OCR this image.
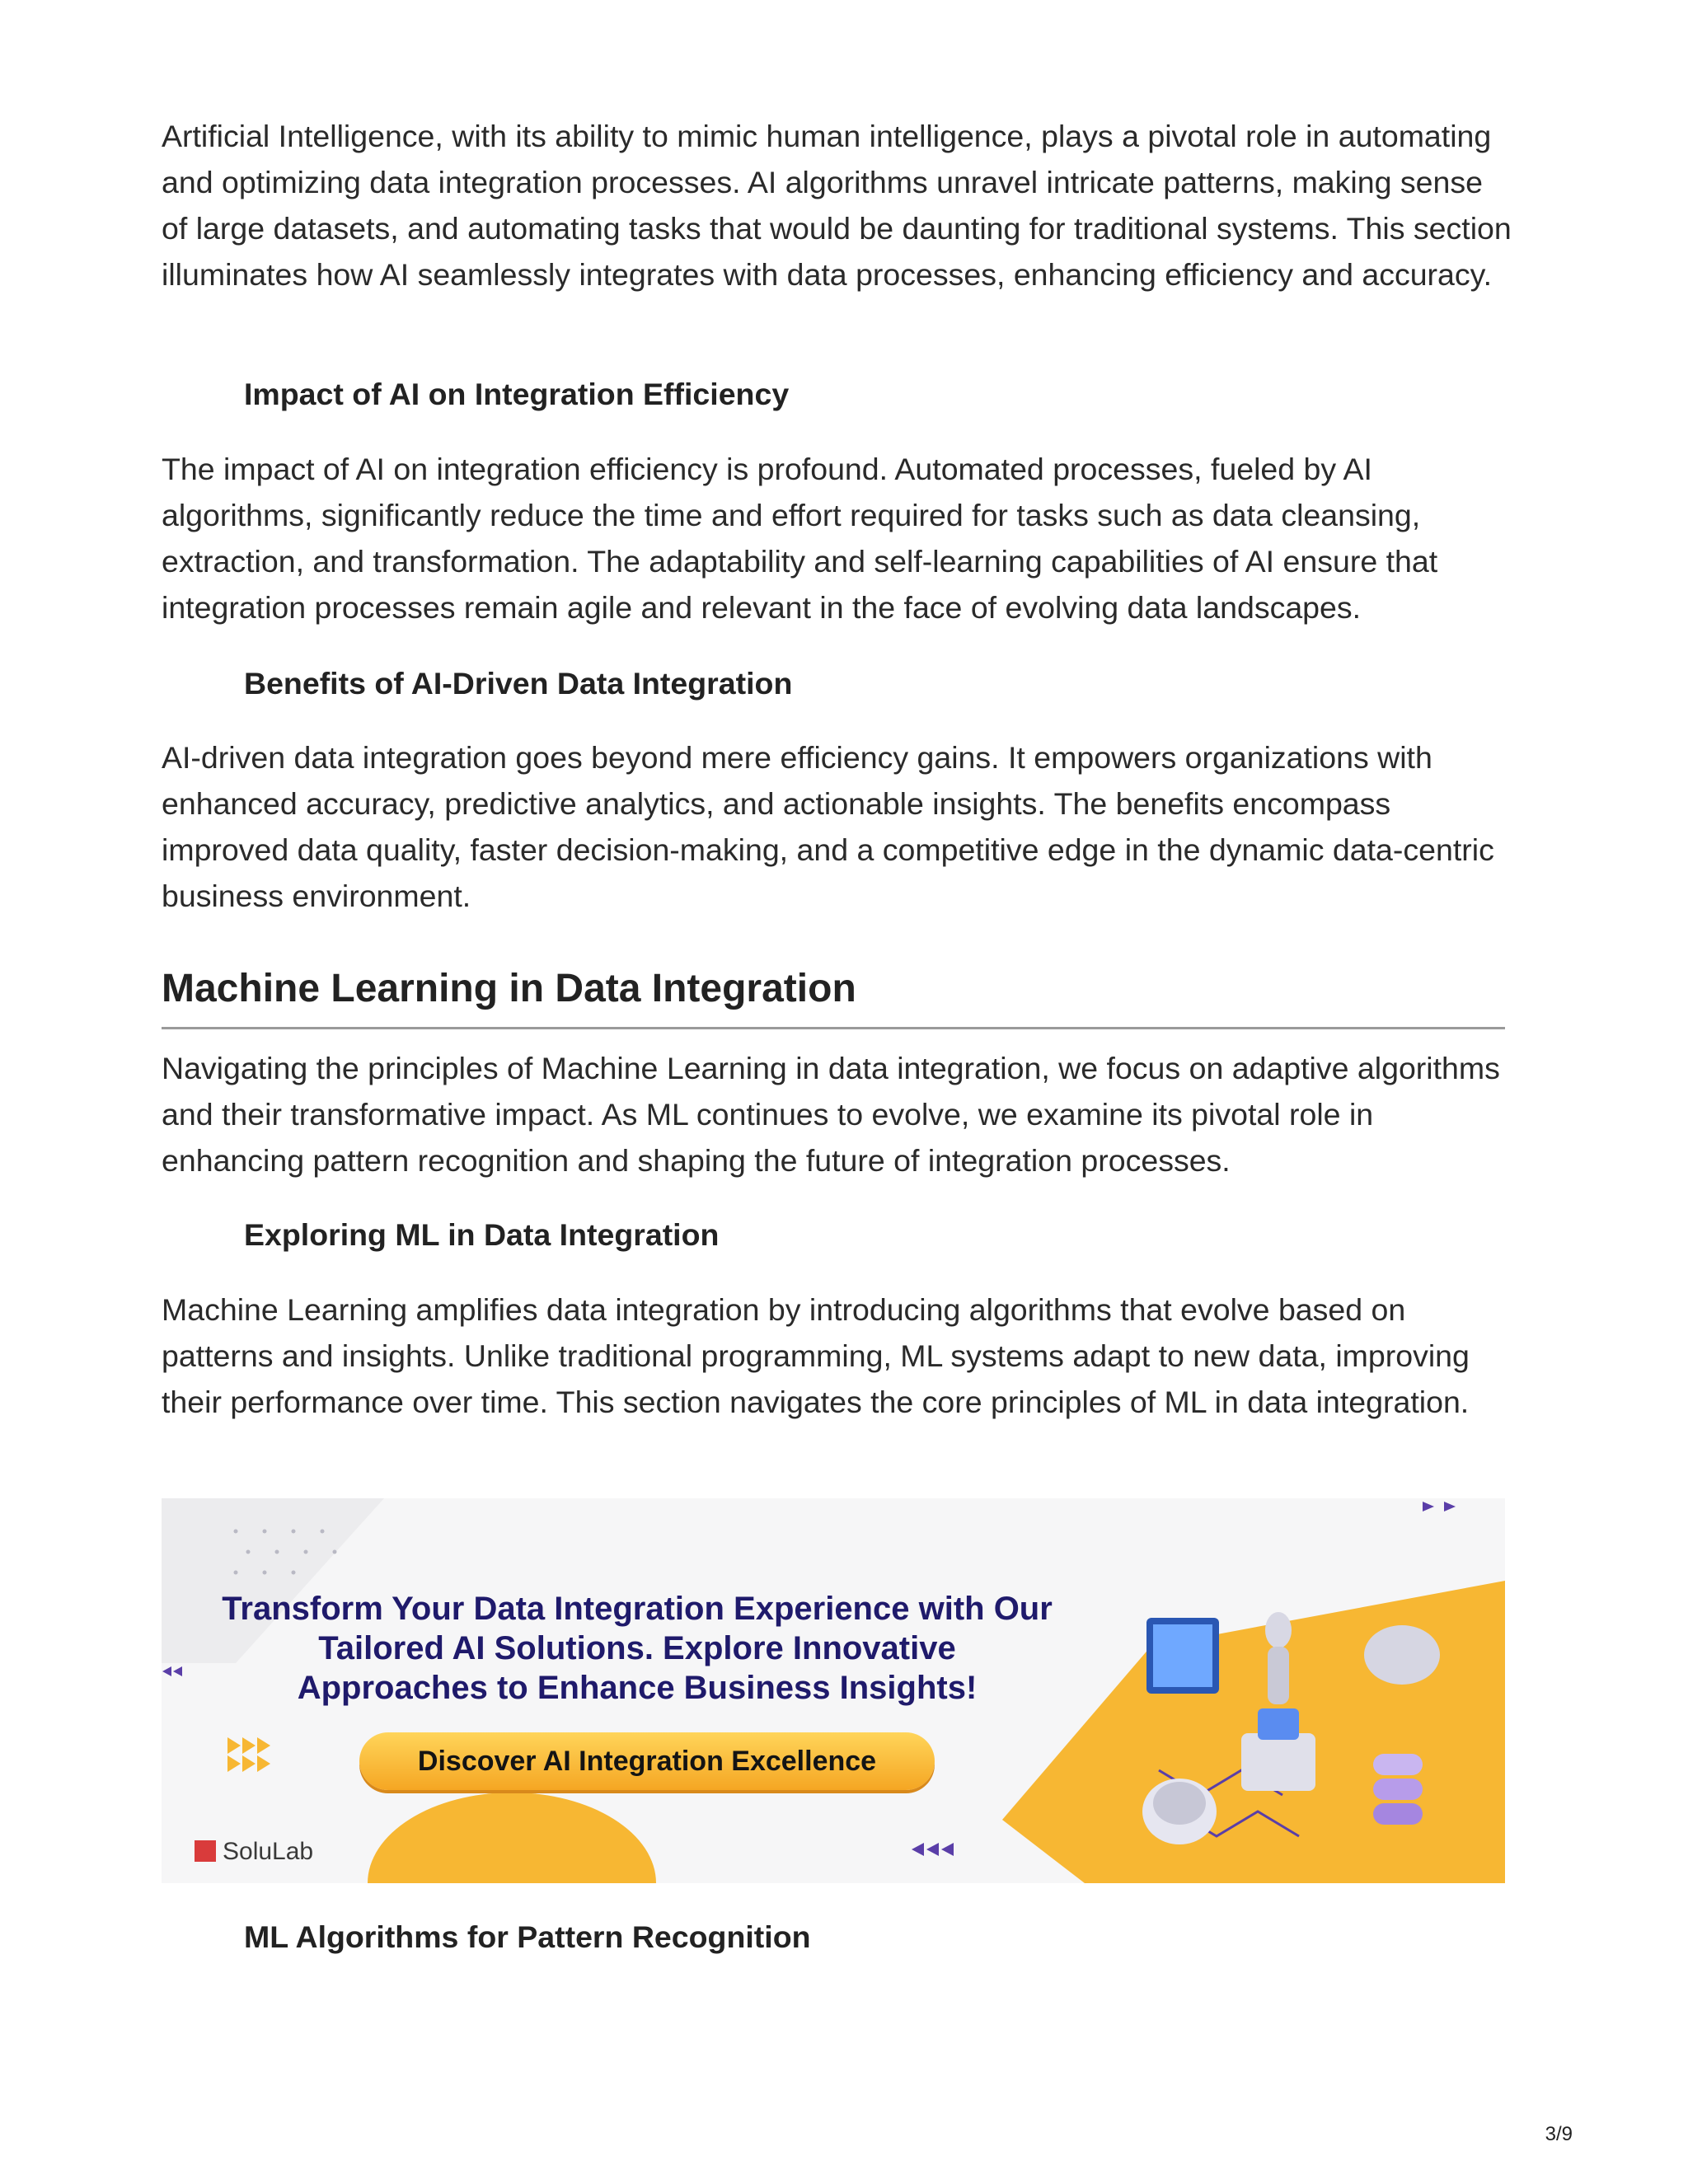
Artificial Intelligence, with its ability to mimic human intelligence, plays a pivotal role in automating and optimizing data integration processes. AI algorithms unravel intricate patterns, making sense of large datasets, and automating tasks that would be daunting for traditional systems. This section illuminates how AI seamlessly integrates with data processes, enhancing efficiency and accuracy.

Impact of AI on Integration Efficiency

The impact of AI on integration efficiency is profound. Automated processes, fueled by AI algorithms, significantly reduce the time and effort required for tasks such as data cleansing, extraction, and transformation. The adaptability and self-learning capabilities of AI ensure that integration processes remain agile and relevant in the face of evolving data landscapes.

Benefits of AI-Driven Data Integration

AI-driven data integration goes beyond mere efficiency gains. It empowers organizations with enhanced accuracy, predictive analytics, and actionable insights. The benefits encompass improved data quality, faster decision-making, and a competitive edge in the dynamic data-centric business environment.

Machine Learning in Data Integration

Navigating the principles of Machine Learning in data integration, we focus on adaptive algorithms and their transformative impact. As ML continues to evolve, we examine its pivotal role in enhancing pattern recognition and shaping the future of integration processes.

Exploring ML in Data Integration

Machine Learning amplifies data integration by introducing algorithms that evolve based on patterns and insights. Unlike traditional programming, ML systems adapt to new data, improving their performance over time. This section navigates the core principles of ML in data integration.

Transform Your Data Integration Experience with Our Tailored AI Solutions. Explore Innovative Approaches to Enhance Business Insights!

Discover AI Integration Excellence
SoluLab

ML Algorithms for Pattern Recognition

3/9
